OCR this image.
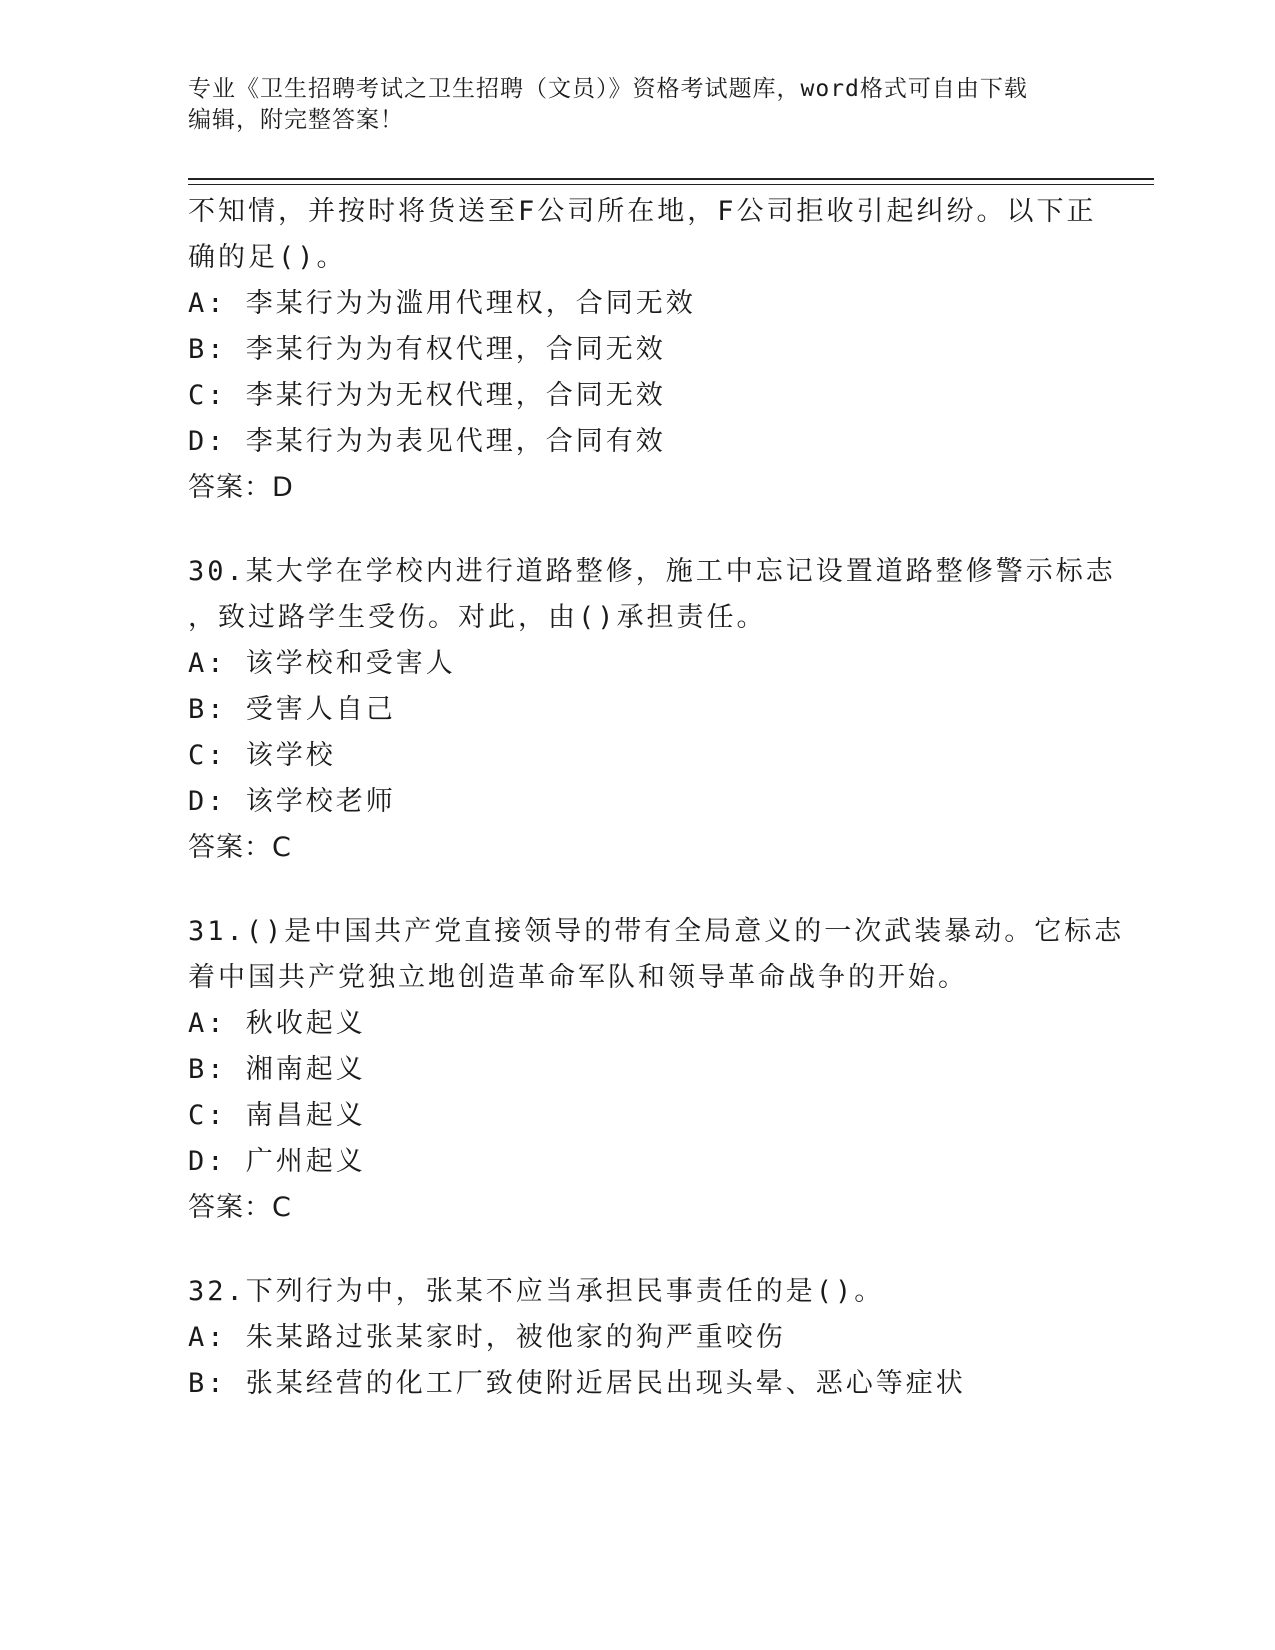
专业《卫生招聘考试之卫生招聘（文员）》资格考试题库，word格式可自由下载
编辑，附完整答案！
不知情，并按时将货送至F公司所在地，F公司拒收引起纠纷。以下正
确的足()。
A: 李某行为为滥用代理权，合同无效
B: 李某行为为有权代理，合同无效
C: 李某行为为无权代理，合同无效
D: 李某行为为表见代理，合同有效
答案：D
30.某大学在学校内进行道路整修，施工中忘记设置道路整修警示标志
，致过路学生受伤。对此，由()承担责任。
A: 该学校和受害人
B: 受害人自己
C: 该学校
D: 该学校老师
答案：C
31.()是中国共产党直接领导的带有全局意义的一次武装暴动。它标志
着中国共产党独立地创造革命军队和领导革命战争的开始。
A: 秋收起义
B: 湘南起义
C: 南昌起义
D: 广州起义
答案：C
32.下列行为中，张某不应当承担民事责任的是()。
A: 朱某路过张某家时，被他家的狗严重咬伤
B: 张某经营的化工厂致使附近居民出现头晕、恶心等症状
